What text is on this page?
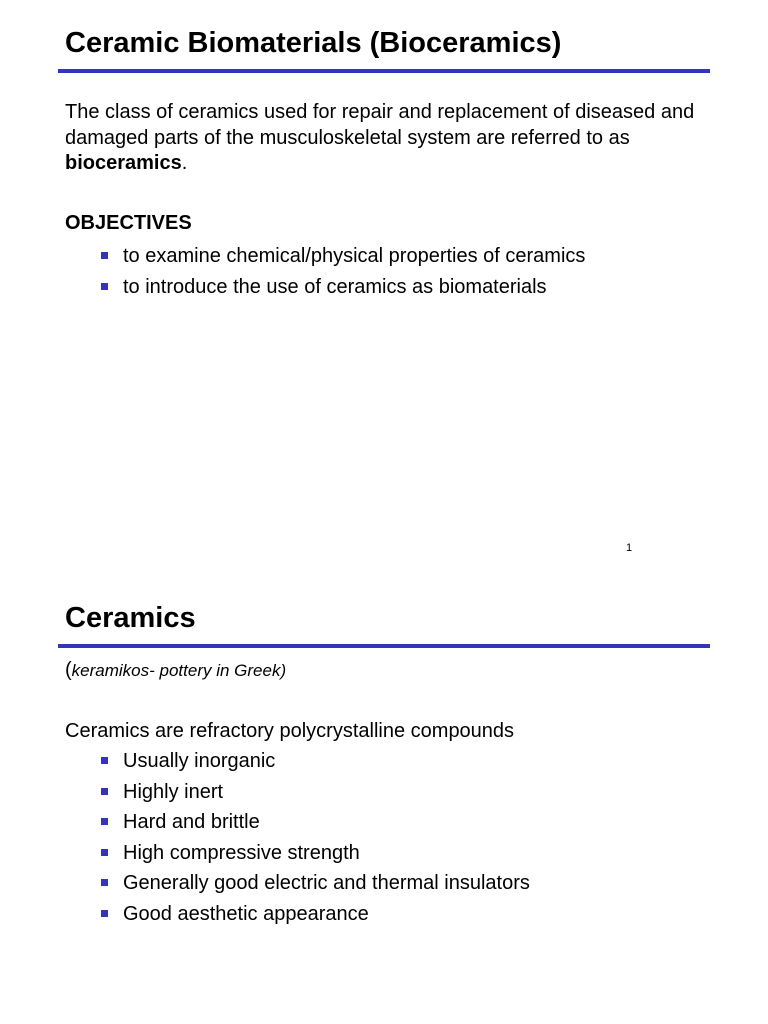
Ceramic Biomaterials (Bioceramics)
The class of ceramics used for repair and replacement of diseased and damaged parts of the musculoskeletal system are referred to as bioceramics.
OBJECTIVES
to examine chemical/physical properties of ceramics
to introduce the use of ceramics as biomaterials
1
Ceramics
(keramikos- pottery in Greek)
Ceramics are refractory polycrystalline compounds
Usually inorganic
Highly inert
Hard and brittle
High compressive strength
Generally good electric and thermal insulators
Good aesthetic appearance
